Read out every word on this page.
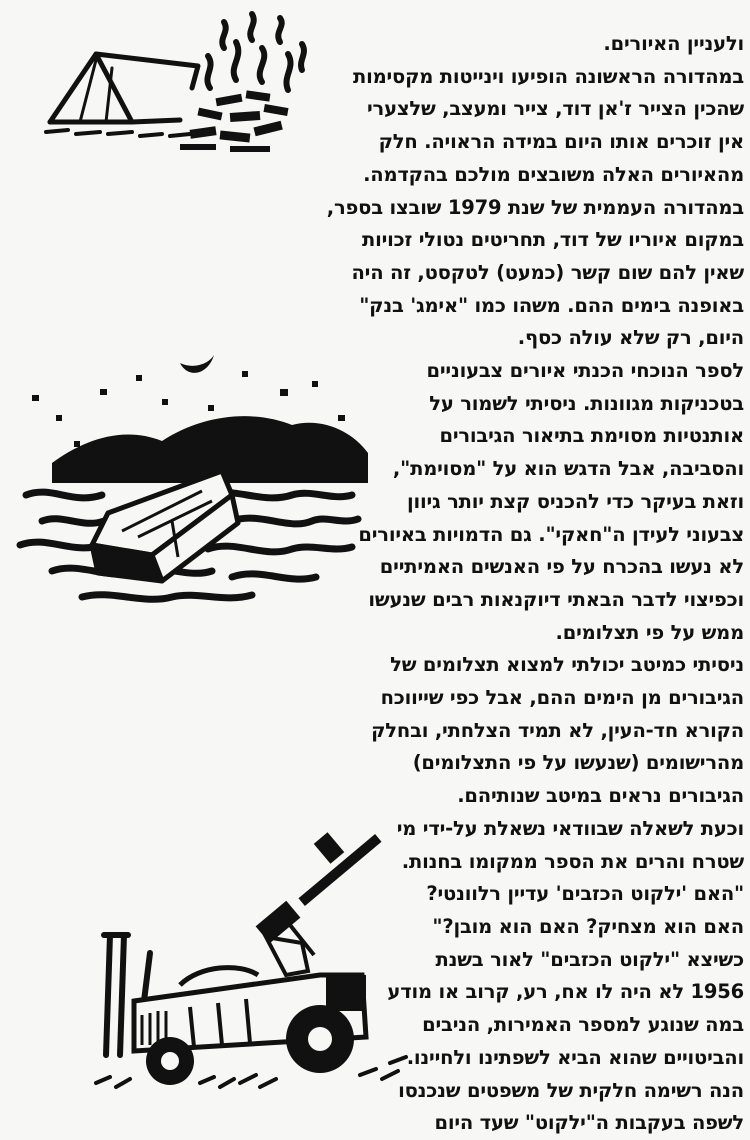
ולעניין האיורים.
במהדורה הראשונה הופיעו וינייטות מקסימות
שהכין הצייר ז'אן דוד, צייר ומעצב, שלצערי
אין זוכרים אותו היום במידה הראויה. חלק
מהאיורים האלה משובצים מולכם בהקדמה.
במהדורה העממית של שנת 1979 שובצו בספר,
במקום איוריו של דוד, תחריטים נטולי זכויות
שאין להם שום קשר (כמעט) לטקסט, זה היה
באופנה בימים ההם. משהו כמו "אימג' בנק"
היום, רק שלא עולה כסף.
לספר הנוכחי הכנתי איורים צבעוניים
בטכניקות מגוונות. ניסיתי לשמור על
אותנטיות מסוימת בתיאור הגיבורים
והסביבה, אבל הדגש הוא על "מסוימת",
וזאת בעיקר כדי להכניס קצת יותר גיוון
צבעוני לעידן ה"חאקי". גם הדמויות באיורים
לא נעשו בהכרח על פי האנשים האמיתיים
וכפיצוי לדבר הבאתי דיוקנאות רבים שנעשו
ממש על פי תצלומים.
ניסיתי כמיטב יכולתי למצוא תצלומים של
הגיבורים מן הימים ההם, אבל כפי שייווכח
הקורא חד-העין, לא תמיד הצלחתי, ובחלק
מהרישומים (שנעשו על פי התצלומים)
הגיבורים נראים במיטב שנותיהם.
וכעת לשאלה שבוודאי נשאלת על-ידי מי
שטרח והרים את הספר ממקומו בחנות.
"האם 'ילקוט הכזבים' עדיין רלוונטי?
האם הוא מצחיק? האם הוא מובן?"
כשיצא "ילקוט הכזבים" לאור בשנת
1956 לא היה לו אח, רע, קרוב או מודע
במה שנוגע למספר האמירות, הניבים
והביטויים שהוא הביא לשפתינו ולחיינו.
הנה רשימה חלקית של משפטים שנכנסו
לשפה בעקבות ה"ילקוט" שעד היום
